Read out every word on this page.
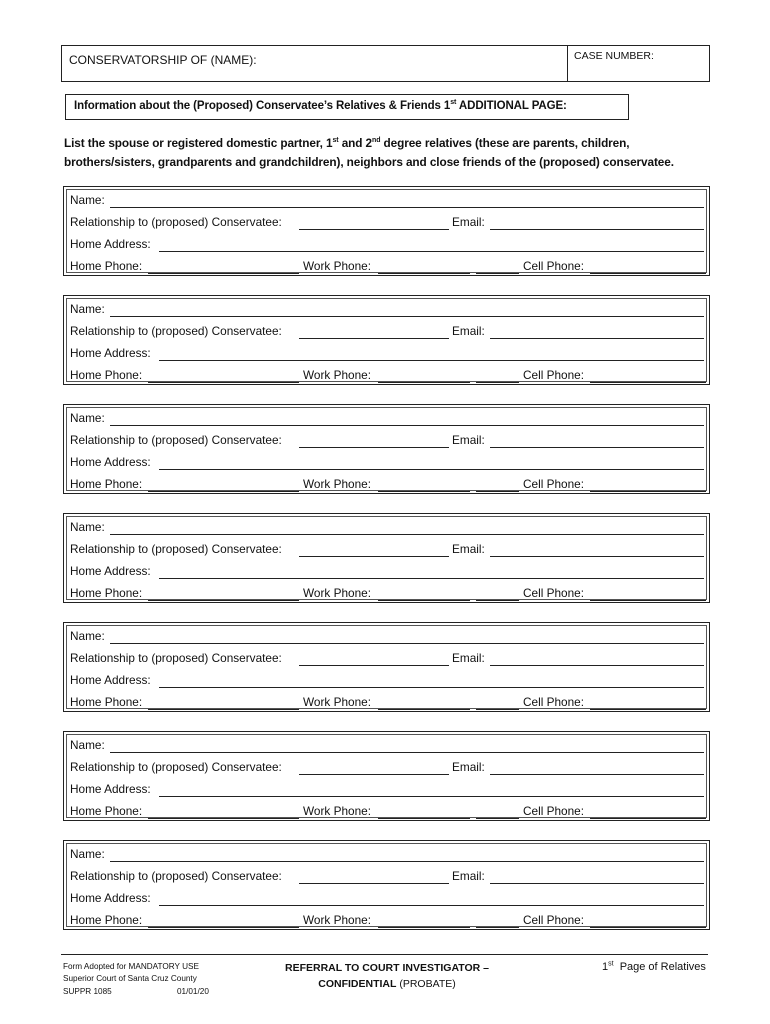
CONSERVATORSHIP OF (NAME):	CASE NUMBER:
Information about the (Proposed) Conservatee’s Relatives & Friends 1st ADDITIONAL PAGE:
List the spouse or registered domestic partner, 1st and 2nd degree relatives (these are parents, children,
brothers/sisters, grandparents and grandchildren), neighbors and close friends of the (proposed) conservatee.
Name:
Relationship to (proposed) Conservatee:	Email:
Home Address:
Home Phone:	Work Phone:	Cell Phone:
Name:
Relationship to (proposed) Conservatee:	Email:
Home Address:
Home Phone:	Work Phone:	Cell Phone:
Name:
Relationship to (proposed) Conservatee:	Email:
Home Address:
Home Phone:	Work Phone:	Cell Phone:
Name:
Relationship to (proposed) Conservatee:	Email:
Home Address:
Home Phone:	Work Phone:	Cell Phone:
Name:
Relationship to (proposed) Conservatee:	Email:
Home Address:
Home Phone:	Work Phone:	Cell Phone:
Name:
Relationship to (proposed) Conservatee:	Email:
Home Address:
Home Phone:	Work Phone:	Cell Phone:
Name:
Relationship to (proposed) Conservatee:	Email:
Home Address:
Home Phone:	Work Phone:	Cell Phone:
Form Adopted for MANDATORY USE
Superior Court of Santa Cruz County
SUPPR 1085	01/01/20
REFERRAL TO COURT INVESTIGATOR –
CONFIDENTIAL (PROBATE)
1st  Page of Relatives
